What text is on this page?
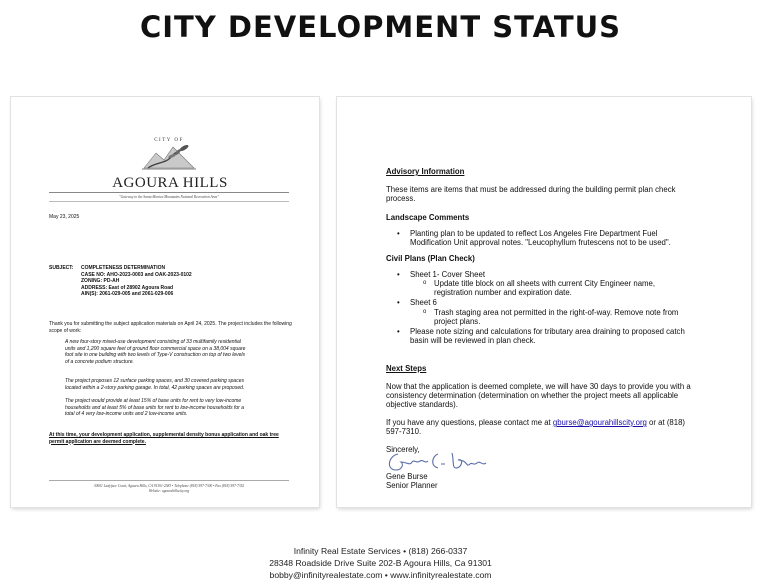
CITY DEVELOPMENT STATUS
CITY OF
AGOURA HILLS
"Gateway to the Santa Monica Mountains National Recreation Area"
May 23, 2025
SUBJECT: COMPLETENESS DETERMINATION
CASE NO: AHO-2023-0003 and OAK-2023-0102
ZONING: PD-AH
ADDRESS: East of 28902 Agoura Road
AIN(S): 2061-029-005 and 2061-029-006
Thank you for submitting the subject application materials on April 24, 2025. The project includes the following scope of work:
A new four-story mixed-use development consisting of 33 multifamily residential
units and 1,200 square feet of ground floor commercial space on a 38,004 square
foot site in one building with two levels of Type-V construction on top of two levels
of a concrete podium structure.
The project proposes 12 surface parking spaces, and 30 covered parking spaces
located within a 2-story parking garage. In total, 42 parking spaces are proposed.
The project would provide at least 15% of base units for rent to very low-income
households and at least 5% of base units for rent to low-income households for a
total of 4 very low-income units and 2 low-income units.
At this time, your development application, supplemental density bonus application and oak tree permit application are deemed complete.
30001 Ladyface Court, Agoura Hills, CA 91301-2583 • Telephone (818) 597-7300 • Fax (818) 597-7352
Website: agourahillscity.org
Advisory Information
These items are items that must be addressed during the building permit plan check
process.
Landscape Comments
• Planting plan to be updated to reflect Los Angeles Fire Department Fuel
Modification Unit approval notes. "Leucophyllum frutescens not to be used".
Civil Plans (Plan Check)
• Sheet 1- Cover Sheet
o Update title block on all sheets with current City Engineer name,
registration number and expiration date.
• Sheet 6
o Trash staging area not permitted in the right-of-way. Remove note from
project plans.
• Please note sizing and calculations for tributary area draining to proposed catch
basin will be reviewed in plan check.
Next Steps
Now that the application is deemed complete, we will have 30 days to provide you with a
consistency determination (determination on whether the project meets all applicable
objective standards).
If you have any questions, please contact me at gburse@agourahillscity.org or at (818)
597-7310.
Sincerely,
Gene Burse
Senior Planner
Infinity Real Estate Services • (818) 266-0337
28348 Roadside Drive Suite 202-B Agoura Hills, Ca 91301
bobby@infinityrealestate.com • www.infinityrealestate.com
